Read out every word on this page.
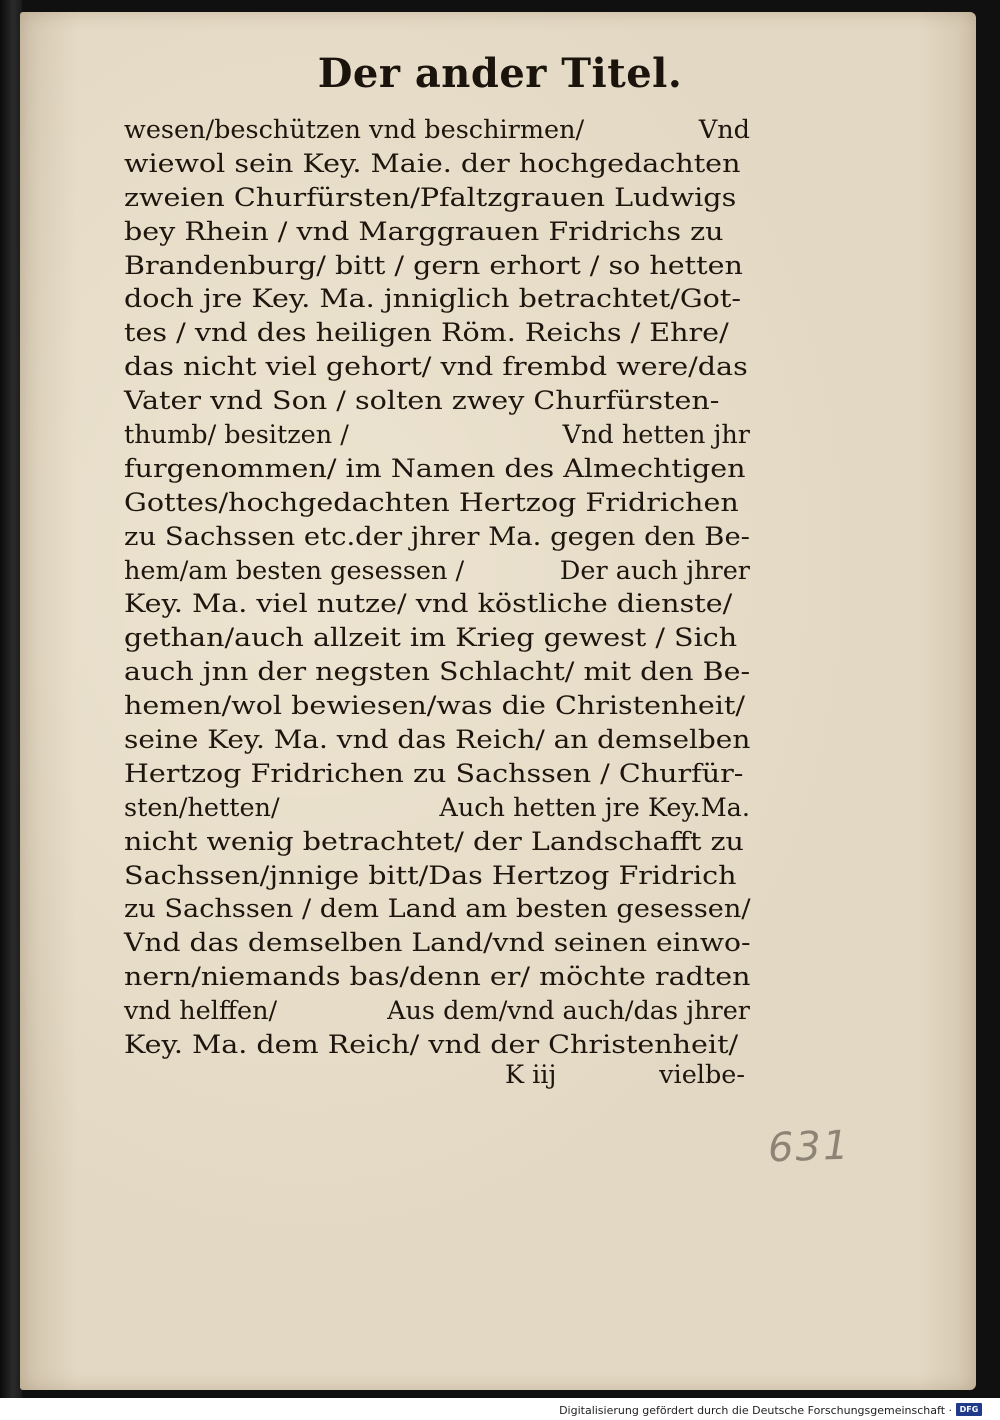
Der ander Titel.
wesen/beschützen vnd beschirmen/	Vnd
wiewol sein Key. Maie. der hochgedachten
zweien Churfürsten/Pfaltzgrauen Ludwigs
bey Rhein / vnd Marggrauen Fridrichs zu
Brandenburg/ bitt / gern erhort / so hetten
doch jre Key. Ma. jnniglich betrachtet/Got-
tes / vnd des heiligen Röm. Reichs / Ehre/
das nicht viel gehort/ vnd frembd were/das
Vater vnd Son / solten zwey Churfürsten-
thumb/ besitzen /	Vnd hetten jhr
furgenommen/ im Namen des Almechtigen
Gottes/hochgedachten Hertzog Fridrichen
zu Sachssen etc.der jhrer Ma. gegen den Be-
hem/am besten gesessen /	Der auch jhrer
Key. Ma. viel nutze/ vnd köstliche dienste/
gethan/auch allzeit im Krieg gewest / Sich
auch jnn der negsten Schlacht/ mit den Be-
hemen/wol bewiesen/was die Christenheit/
seine Key. Ma. vnd das Reich/ an demselben
Hertzog Fridrichen zu Sachssen / Churfür-
sten/hetten/	Auch hetten jre Key.Ma.
nicht wenig betrachtet/ der Landschafft zu
Sachssen/jnnige bitt/Das Hertzog Fridrich
zu Sachssen / dem Land am besten gesessen/
Vnd das demselben Land/vnd seinen einwo-
nern/niemands bas/denn er/ möchte radten
vnd helffen/	Aus dem/vnd auch/das jhrer
Key. Ma. dem Reich/ vnd der Christenheit/
K iij	vielbe-
631
Digitalisierung gefördert durch die Deutsche Forschungsgemeinschaft · DFG
